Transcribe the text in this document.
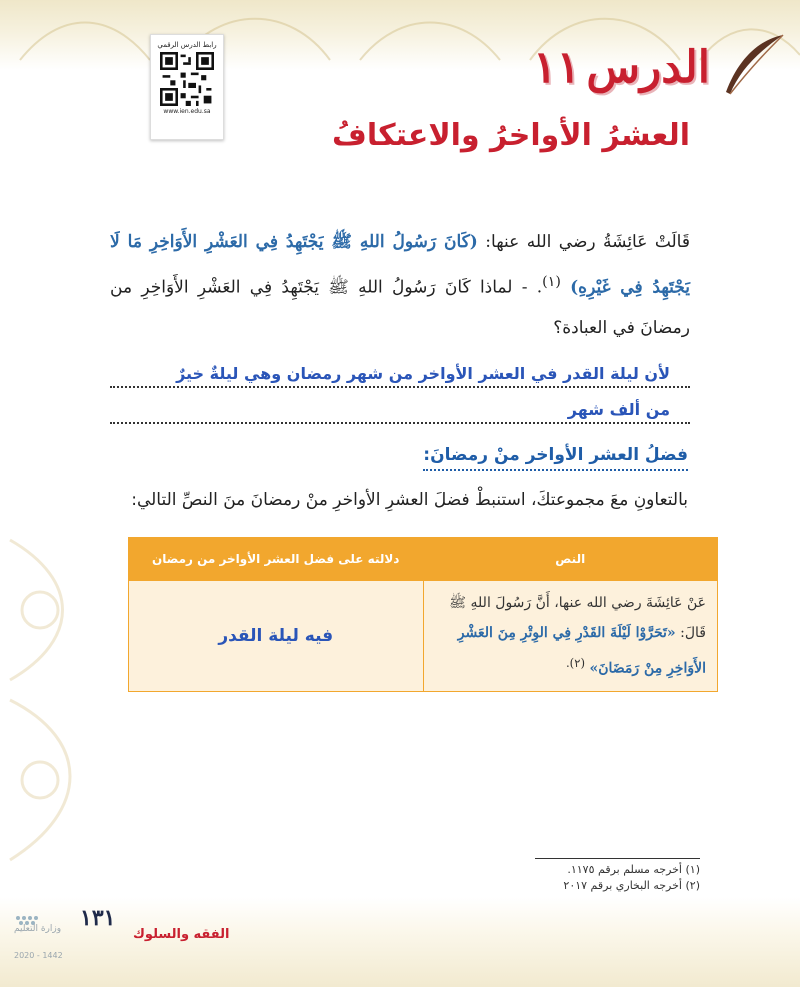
رابط الدرس الرقمي
www.ien.edu.sa
الدرس
١١
العشرُ الأواخرُ والاعتكافُ
قَالَتْ عَائِشَةُ رضي الله عنها: (كَانَ رَسُولُ اللهِ ﷺ يَجْتَهِدُ فِي العَشْرِ الأَوَاخِرِ مَا لَا يَجْتَهِدُ فِي غَيْرِهِ) $^{(١)}$. - لماذا كَانَ رَسُولُ اللهِ ﷺ يَجْتَهِدُ فِي العَشْرِ الأَوَاخِرِ من رمضانَ في العبادة؟
لأن ليلة القدر في العشر الأواخر من شهر رمضان وهي ليلةٌ خيرٌ
من ألف شهر
فضلُ العشر الأواخر منْ رمضانَ:
بالتعاونِ معَ مجموعتكَ، استنبطْ فضلَ العشرِ الأواخرِ منْ رمضانَ منَ النصِّ التالي:
النص	دلالته على فضل العشر الأواخر من رمضان

عَنْ عَائِشَةَ رضي الله عنها، أَنَّ رَسُولَ اللهِ ﷺ قَالَ: «تَحَرَّوْا لَيْلَةَ القَدْرِ فِي الوِتْرِ مِنَ العَشْرِ الأَوَاخِرِ مِنْ رَمَضَانَ» $^{(٢).}$	فيه ليلة القدر
(١) أخرجه مسلم برقم ١١٧٥.
(٢) أخرجه البخاري برقم ٢٠١٧
وزارة التعليم
2020 - 1442
١٣١
الفقه والسلوك
